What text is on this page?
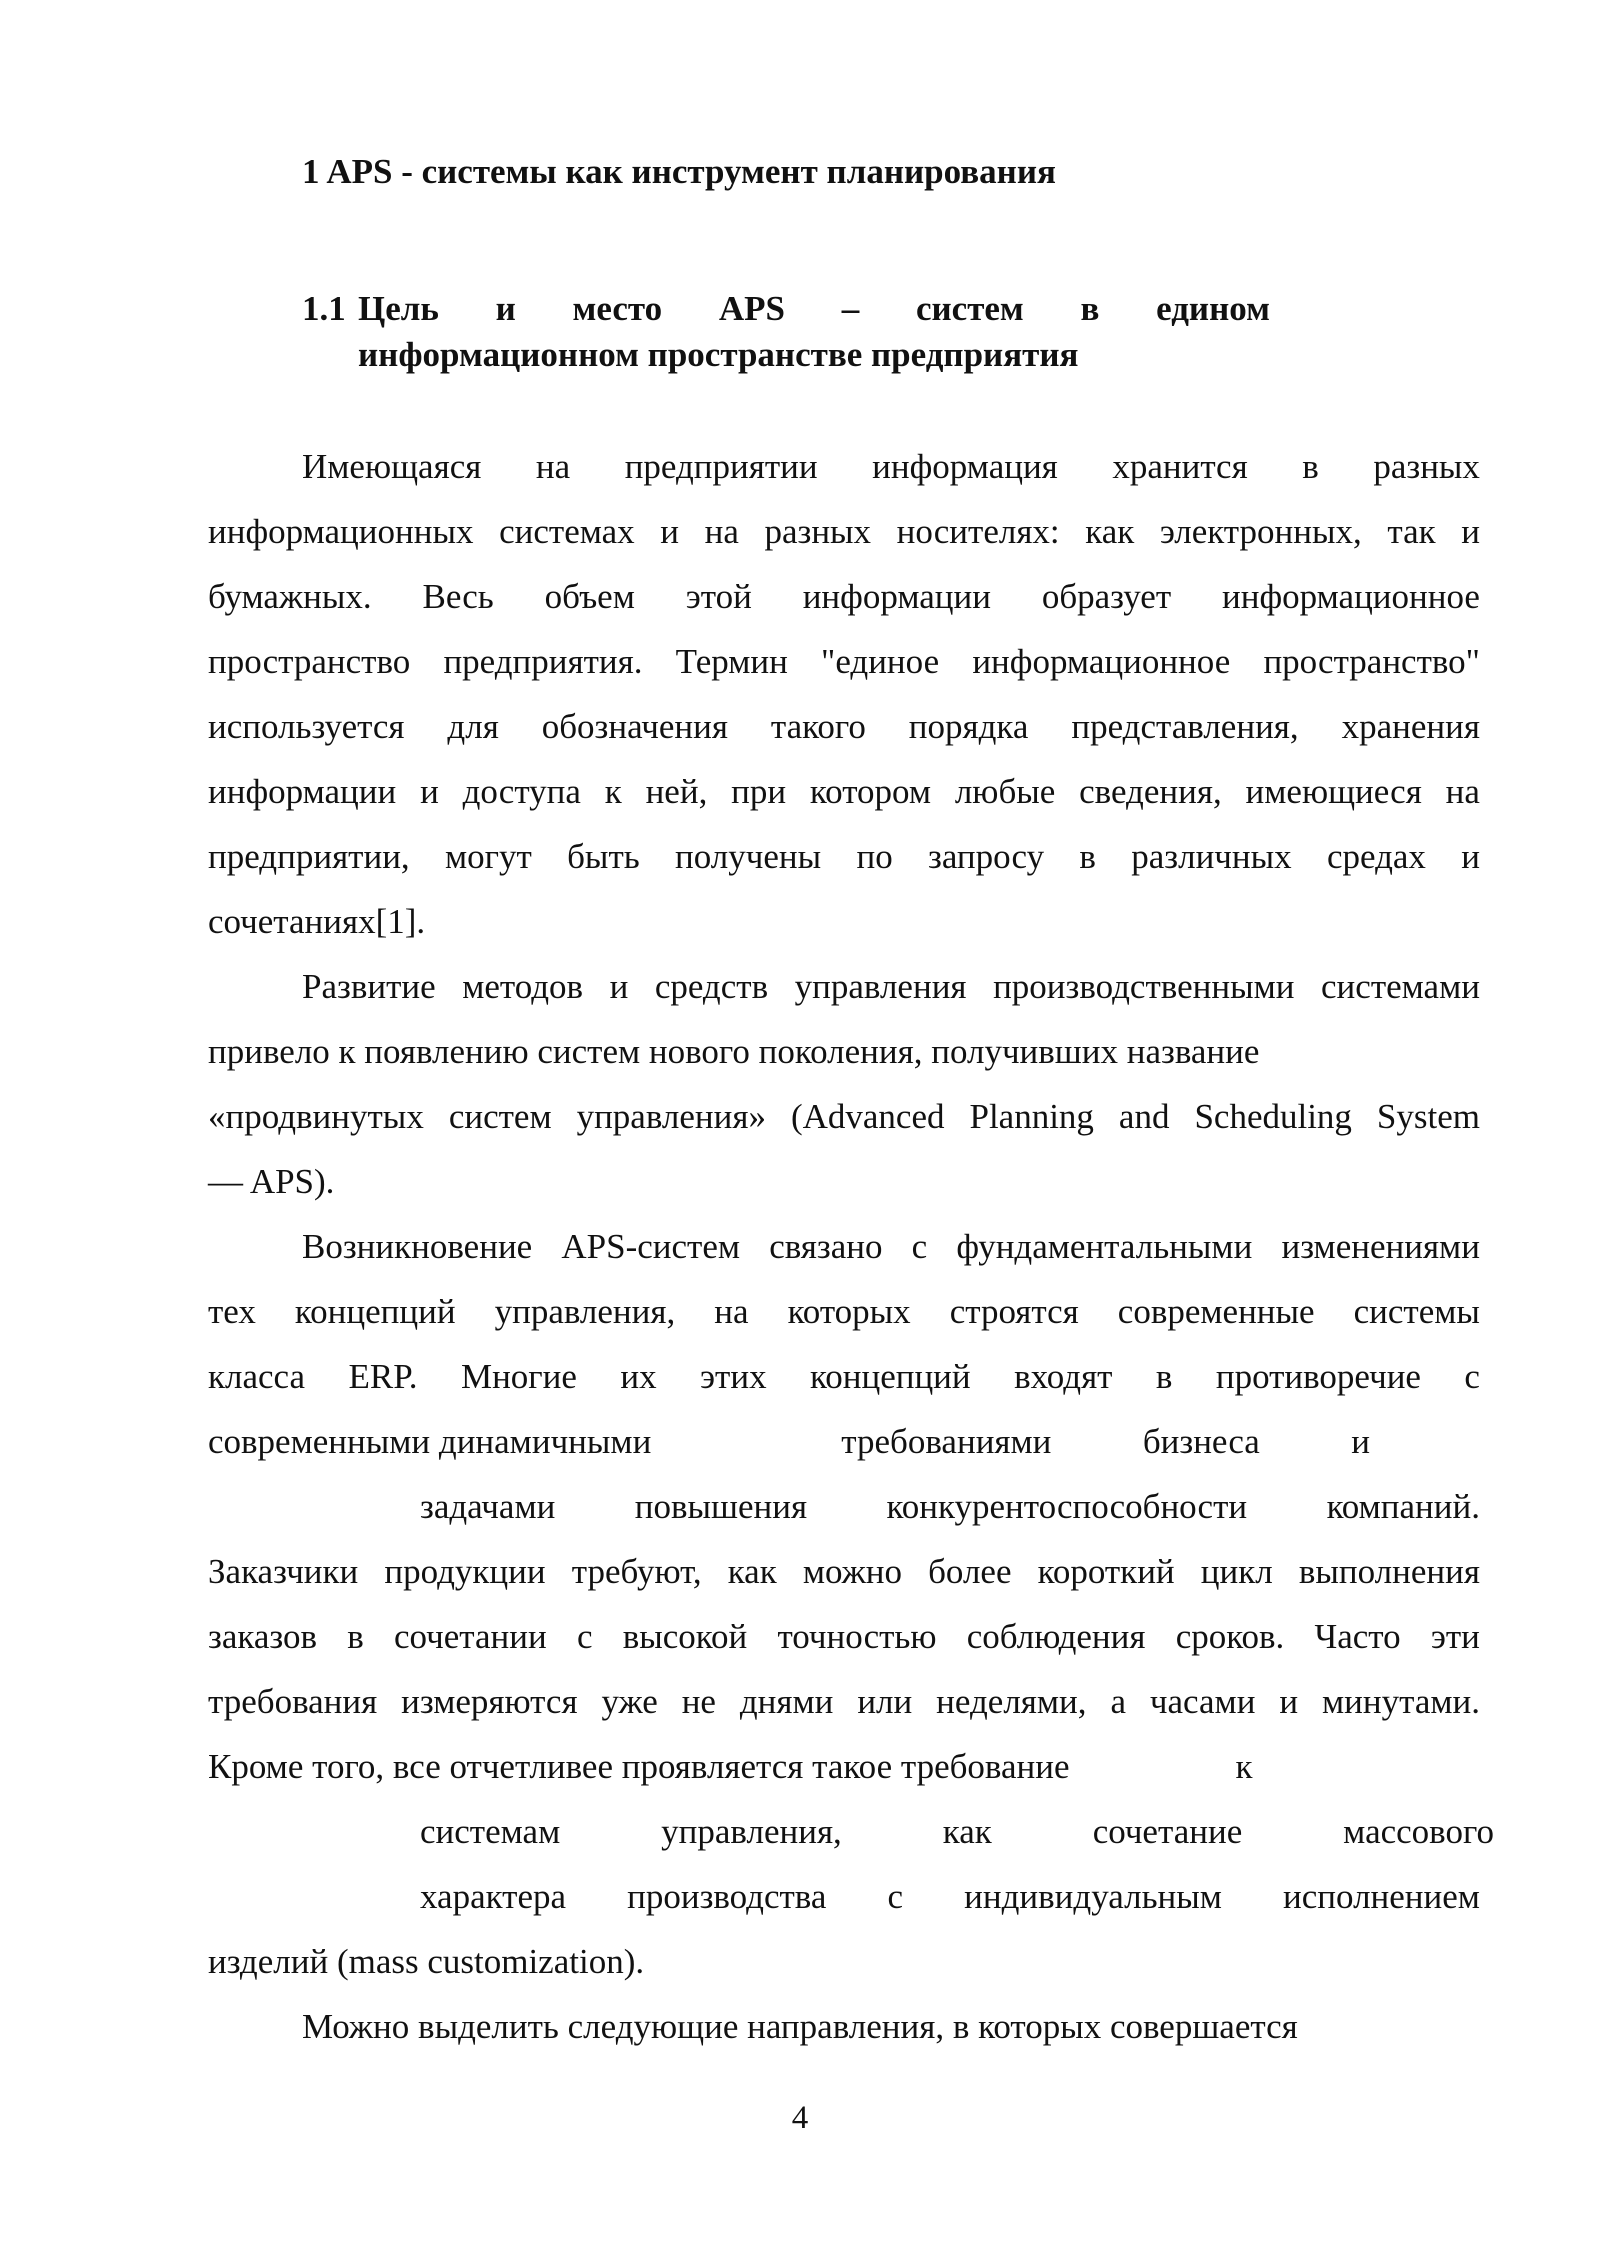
1 APS - системы как инструмент планирования
1.1 Цель и место APS – систем в едином
информационном пространстве предприятия
Имеющаяся на предприятии информация хранится в разных
информационных системах и на разных носителях: как электронных, так и
бумажных. Весь объем этой информации образует информационное
пространство предприятия. Термин "единое информационное пространство"
используется для обозначения такого порядка представления, хранения
информации и доступа к ней, при котором любые сведения, имеющиеся на
предприятии, могут быть получены по запросу в различных средах и
сочетаниях[1].
Развитие методов и средств управления производственными системами
привело к появлению систем нового поколения, получивших название
«продвинутых систем управления» (Advanced Planning and Scheduling System
— APS).
Возникновение APS-систем связано с фундаментальными изменениями
тех концепций управления, на которых строятся современные системы
класса ERP. Многие их этих концепций входят в противоречие с
современными динамичными	требованиями	бизнеса	и
задачами повышения конкурентоспособности компаний.
Заказчики продукции требуют, как можно более короткий цикл выполнения
заказов в сочетании с высокой точностью соблюдения сроков. Часто эти
требования измеряются уже не днями или неделями, а часами и минутами.
Кроме того, все отчетливее проявляется такое требование	к
системам	управления,	как	сочетание	массового
характера производства с индивидуальным исполнением
изделий (mass customization).
Можно выделить следующие направления, в которых совершается
4
